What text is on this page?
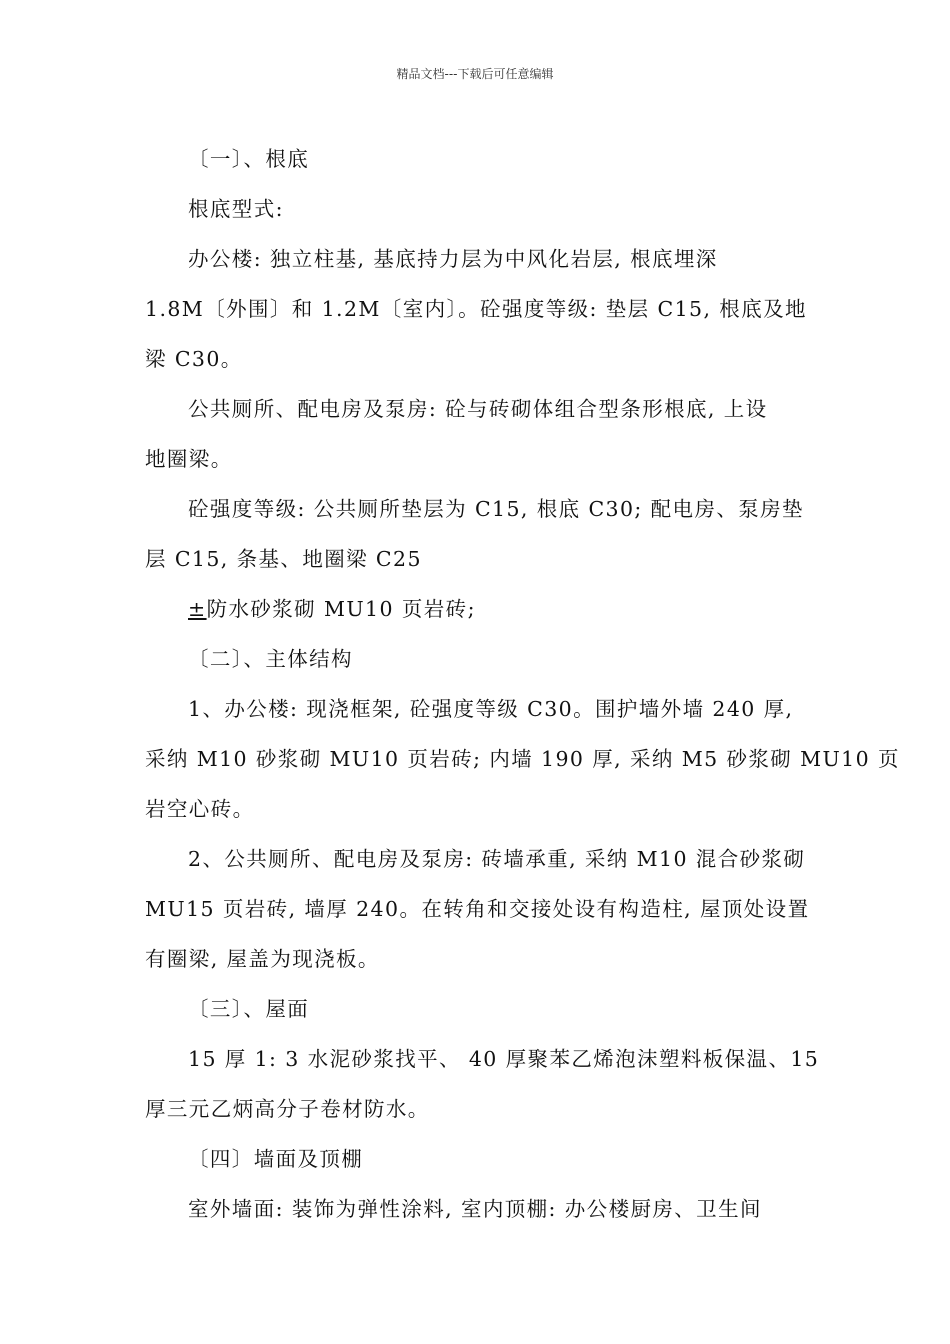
精品文档---下载后可任意编辑

〔一〕、根底

根底型式:

办公楼: 独立柱基, 基底持力层为中风化岩层, 根底埋深

1.8M〔外围〕和 1.2M〔室内〕。砼强度等级: 垫层 C15, 根底及地

梁 C30。

公共厕所、配电房及泵房: 砼与砖砌体组合型条形根底, 上设

地圈梁。

砼强度等级: 公共厕所垫层为 C15, 根底 C30; 配电房、泵房垫

层 C15, 条基、地圈梁 C25

±防水砂浆砌 MU10 页岩砖;

〔二〕、主体结构

1、办公楼: 现浇框架, 砼强度等级 C30。围护墙外墙 240 厚,

采纳 M10 砂浆砌 MU10 页岩砖; 内墙 190 厚, 采纳 M5 砂浆砌 MU10 页

岩空心砖。

2、公共厕所、配电房及泵房: 砖墙承重, 采纳 M10 混合砂浆砌

MU15 页岩砖, 墙厚 240。在转角和交接处设有构造柱, 屋顶处设置

有圈梁, 屋盖为现浇板。

〔三〕、屋面

15 厚 1: 3 水泥砂浆找平、 40 厚聚苯乙烯泡沫塑料板保温、15

厚三元乙炳高分子卷材防水。

〔四〕墙面及顶棚

室外墙面: 装饰为弹性涂料, 室内顶棚: 办公楼厨房、卫生间
